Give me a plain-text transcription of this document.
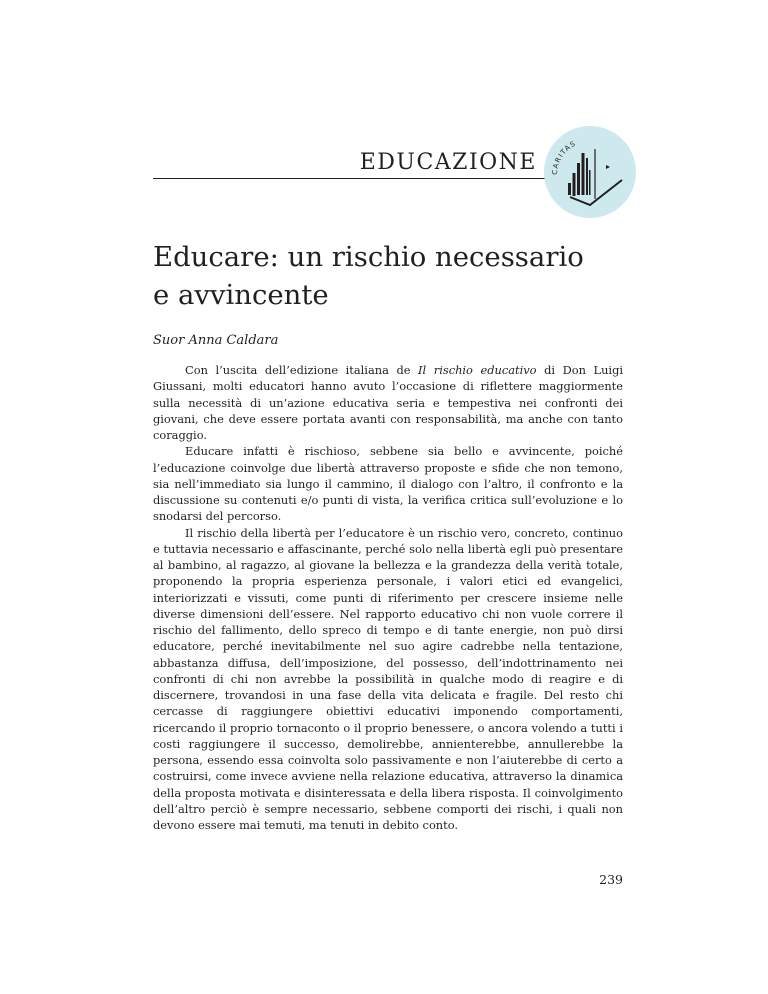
EDUCAZIONE CARITAS
Educare: un rischio necessario
e avvincente

Suor Anna Caldara

Con l’uscita dell’edizione italiana de Il rischio educativo di Don Luigi Giussani, molti educatori hanno avuto l’occasione di riflettere maggiormente sulla necessità di un’azione educativa seria e tempestiva nei confronti dei giovani, che deve essere portata avanti con responsabilità, ma anche con tanto coraggio.

Educare infatti è rischioso, sebbene sia bello e avvincente, poiché l’educazione coinvolge due libertà attraverso proposte e sfide che non temono, sia nell’immediato sia lungo il cammino, il dialogo con l’altro, il confronto e la discussione su contenuti e/o punti di vista, la verifica critica sull’evoluzione e lo snodarsi del percorso.

Il rischio della libertà per l’educatore è un rischio vero, concreto, continuo e tuttavia necessario e affascinante, perché solo nella libertà egli può presentare al bambino, al ragazzo, al giovane la bellezza e la grandezza della verità totale, proponendo la propria esperienza personale, i valori etici ed evangelici, interiorizzati e vissuti, come punti di riferimento per crescere insieme nelle diverse dimensioni dell’essere. Nel rapporto educativo chi non vuole correre il rischio del fallimento, dello spreco di tempo e di tante energie, non può dirsi educatore, perché inevitabilmente nel suo agire cadrebbe nella tentazione, abbastanza diffusa, dell’imposizione, del possesso, dell’indottrinamento nei confronti di chi non avrebbe la possibilità in qualche modo di reagire e di discernere, trovandosi in una fase della vita delicata e fragile. Del resto chi cercasse di raggiungere obiettivi educativi imponendo comportamenti, ricercando il proprio tornaconto o il proprio benessere, o ancora volendo a tutti i costi raggiungere il successo, demolirebbe, annienterebbe, annullerebbe la persona, essendo essa coinvolta solo passivamente e non l’aiuterebbe di certo a costruirsi, come invece avviene nella relazione educativa, attraverso la dinamica della proposta motivata e disinteressata e della libera risposta. Il coinvolgimento dell’altro perciò è sempre necessario, sebbene comporti dei rischi, i quali non devono essere mai temuti, ma tenuti in debito conto.

239
